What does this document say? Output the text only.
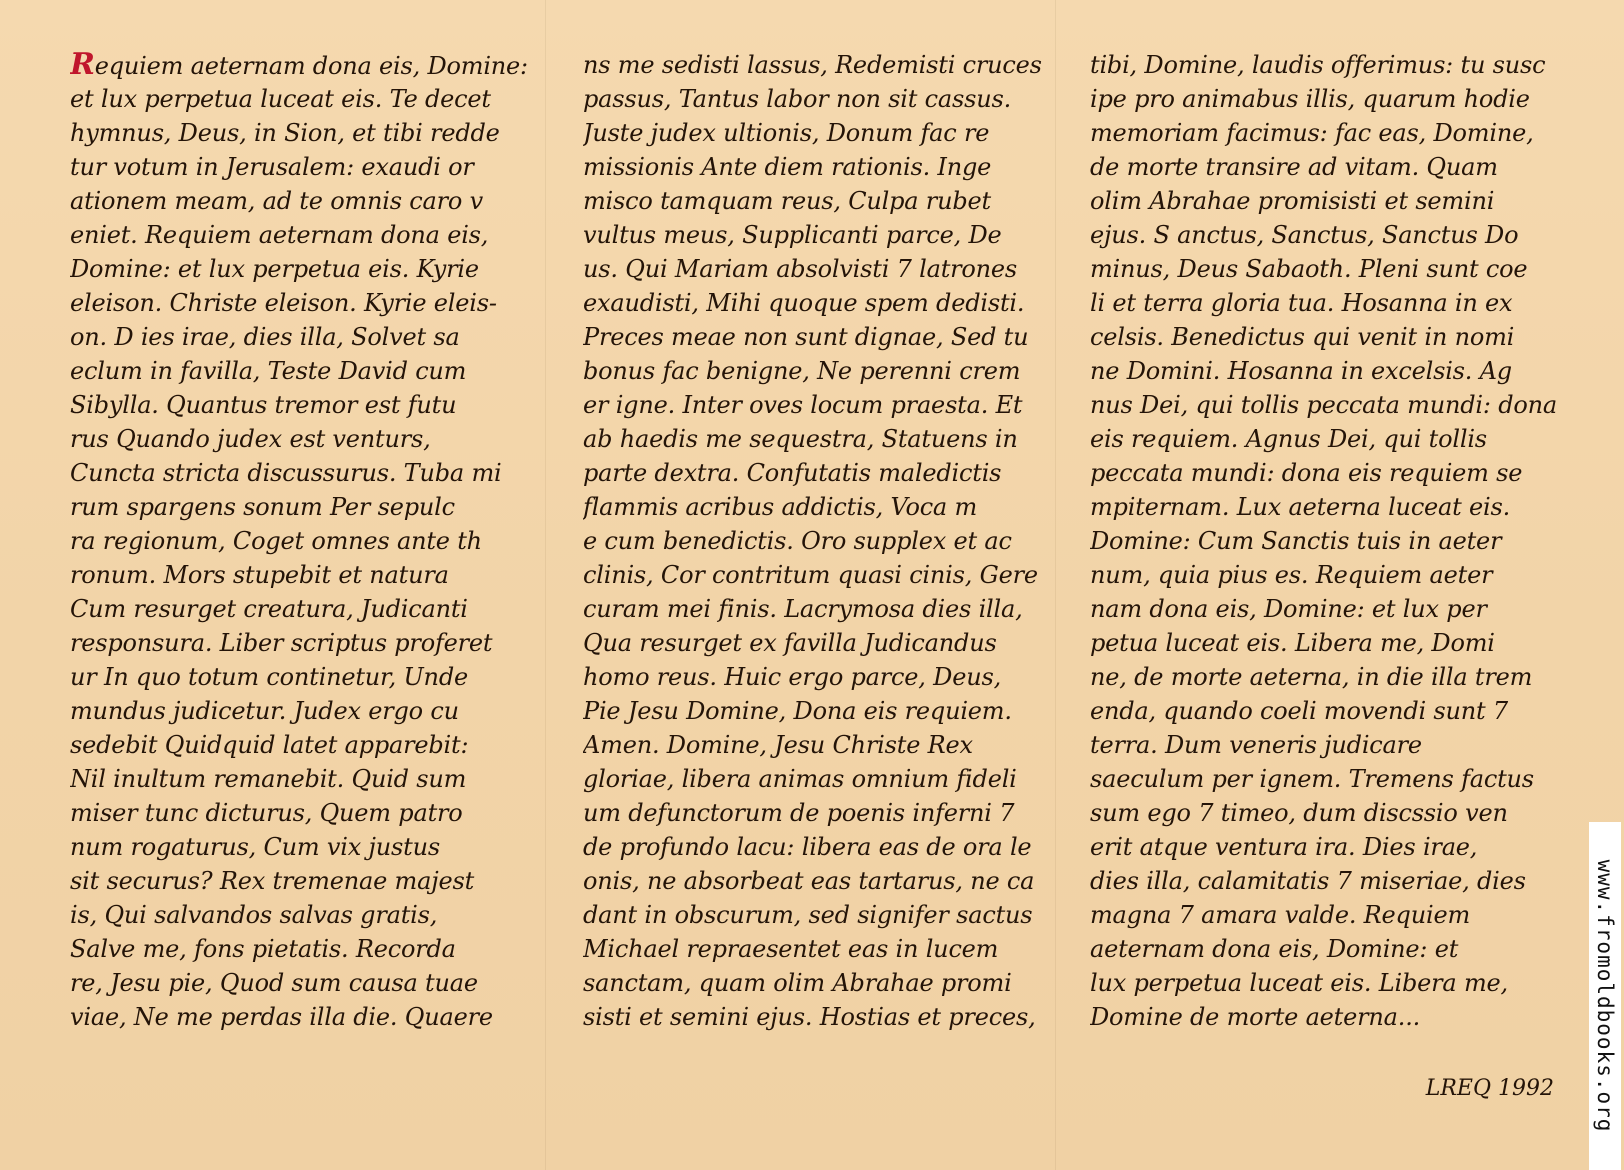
Requiem aeternam dona eis, Domine:
et lux perpetua luceat eis. Te decet
hymnus, Deus, in Sion, et tibi redde
tur votum in Jerusalem: exaudi or
ationem meam, ad te omnis caro v
eniet. Requiem aeternam dona eis,
Domine: et lux perpetua eis. Kyrie
eleison. Christe eleison. Kyrie eleis-
on. D ies irae, dies illa, Solvet sa
eclum in favilla, Teste David cum
Sibylla. Quantus tremor est futu
rus Quando judex est venturs,
Cuncta stricta discussurus. Tuba mi
rum spargens sonum Per sepulc
ra regionum, Coget omnes ante th
ronum. Mors stupebit et natura
Cum resurget creatura, Judicanti
responsura. Liber scriptus proferet
ur In quo totum continetur, Unde
mundus judicetur. Judex ergo cu
sedebit Quidquid latet apparebit:
Nil inultum remanebit. Quid sum
miser tunc dicturus, Quem patro
num rogaturus, Cum vix justus
sit securus? Rex tremenae majest
is, Qui salvandos salvas gratis,
Salve me, fons pietatis. Recorda
re, Jesu pie, Quod sum causa tuae
viae, Ne me perdas illa die. Quaere
ns me sedisti lassus, Redemisti cruces
passus, Tantus labor non sit cassus.
Juste judex ultionis, Donum fac re
missionis Ante diem rationis. Inge
misco tamquam reus, Culpa rubet
vultus meus, Supplicanti parce, De
us. Qui Mariam absolvisti 7 latrones
exaudisti, Mihi quoque spem dedisti.
Preces meae non sunt dignae, Sed tu
bonus fac benigne, Ne perenni crem
er igne. Inter oves locum praesta. Et
ab haedis me sequestra, Statuens in
parte dextra. Confutatis maledictis
flammis acribus addictis, Voca m
e cum benedictis. Oro supplex et ac
clinis, Cor contritum quasi cinis, Gere
curam mei finis. Lacrymosa dies illa,
Qua resurget ex favilla Judicandus
homo reus. Huic ergo parce, Deus,
Pie Jesu Domine, Dona eis requiem.
Amen. Domine, Jesu Christe Rex
gloriae, libera animas omnium fideli
um defunctorum de poenis inferni 7
de profundo lacu: libera eas de ora le
onis, ne absorbeat eas tartarus, ne ca
dant in obscurum, sed signifer sactus
Michael repraesentet eas in lucem
sanctam, quam olim Abrahae promi
sisti et semini ejus. Hostias et preces,
tibi, Domine, laudis offerimus: tu susc
ipe pro animabus illis, quarum hodie
memoriam facimus: fac eas, Domine,
de morte transire ad vitam. Quam
olim Abrahae promisisti et semini
ejus. S anctus, Sanctus, Sanctus Do
minus, Deus Sabaoth. Pleni sunt coe
li et terra gloria tua. Hosanna in ex
celsis. Benedictus qui venit in nomi
ne Domini. Hosanna in excelsis. Ag
nus Dei, qui tollis peccata mundi: dona
eis requiem. Agnus Dei, qui tollis
peccata mundi: dona eis requiem se
mpiternam. Lux aeterna luceat eis.
Domine: Cum Sanctis tuis in aeter
num, quia pius es. Requiem aeter
nam dona eis, Domine: et lux per
petua luceat eis. Libera me, Domi
ne, de morte aeterna, in die illa trem
enda, quando coeli movendi sunt 7
terra. Dum veneris judicare
saeculum per ignem. Tremens factus
sum ego 7 timeo, dum discssio ven
erit atque ventura ira. Dies irae,
dies illa, calamitatis 7 miseriae, dies
magna 7 amara valde. Requiem
aeternam dona eis, Domine: et
lux perpetua luceat eis. Libera me,
Domine de morte aeterna...
LREQ 1992 www.fromoldbooks.org
